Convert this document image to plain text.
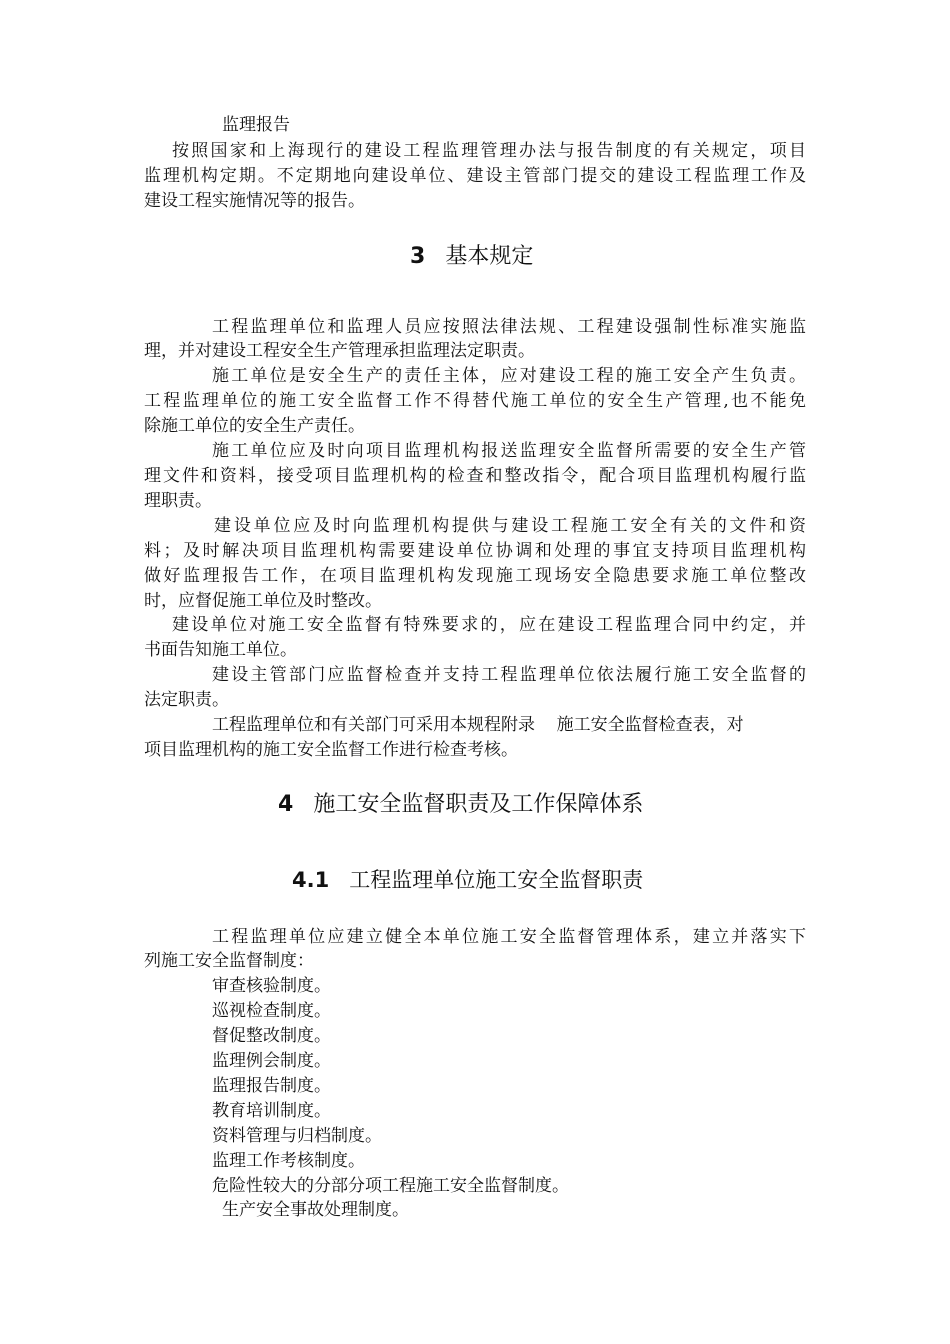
监理报告
按照国家和上海现行的建设工程监理管理办法与报告制度的有关规定，项目
监理机构定期。不定期地向建设单位、建设主管部门提交的建设工程监理工作及
建设工程实施情况等的报告。
3 基本规定
工程监理单位和监理人员应按照法律法规、工程建设强制性标准实施监
理，并对建设工程安全生产管理承担监理法定职责。
施工单位是安全生产的责任主体，应对建设工程的施工安全产生负责。
工程监理单位的施工安全监督工作不得替代施工单位的安全生产管理,也不能免
除施工单位的安全生产责任。
施工单位应及时向项目监理机构报送监理安全监督所需要的安全生产管
理文件和资料，接受项目监理机构的检查和整改指令，配合项目监理机构履行监
理职责。
建设单位应及时向监理机构提供与建设工程施工安全有关的文件和资
料；及时解决项目监理机构需要建设单位协调和处理的事宜支持项目监理机构
做好监理报告工作，在项目监理机构发现施工现场安全隐患要求施工单位整改
时，应督促施工单位及时整改。
建设单位对施工安全监督有特殊要求的，应在建设工程监理合同中约定，并
书面告知施工单位。
建设主管部门应监督检查并支持工程监理单位依法履行施工安全监督的
法定职责。
工程监理单位和有关部门可采用本规程附录    施工安全监督检查表，对
项目监理机构的施工安全监督工作进行检查考核。
4 施工安全监督职责及工作保障体系
4.1 工程监理单位施工安全监督职责
工程监理单位应建立健全本单位施工安全监督管理体系，建立并落实下
列施工安全监督制度：
审查核验制度。
巡视检查制度。
督促整改制度。
监理例会制度。
监理报告制度。
教育培训制度。
资料管理与归档制度。
监理工作考核制度。
危险性较大的分部分项工程施工安全监督制度。
生产安全事故处理制度。
